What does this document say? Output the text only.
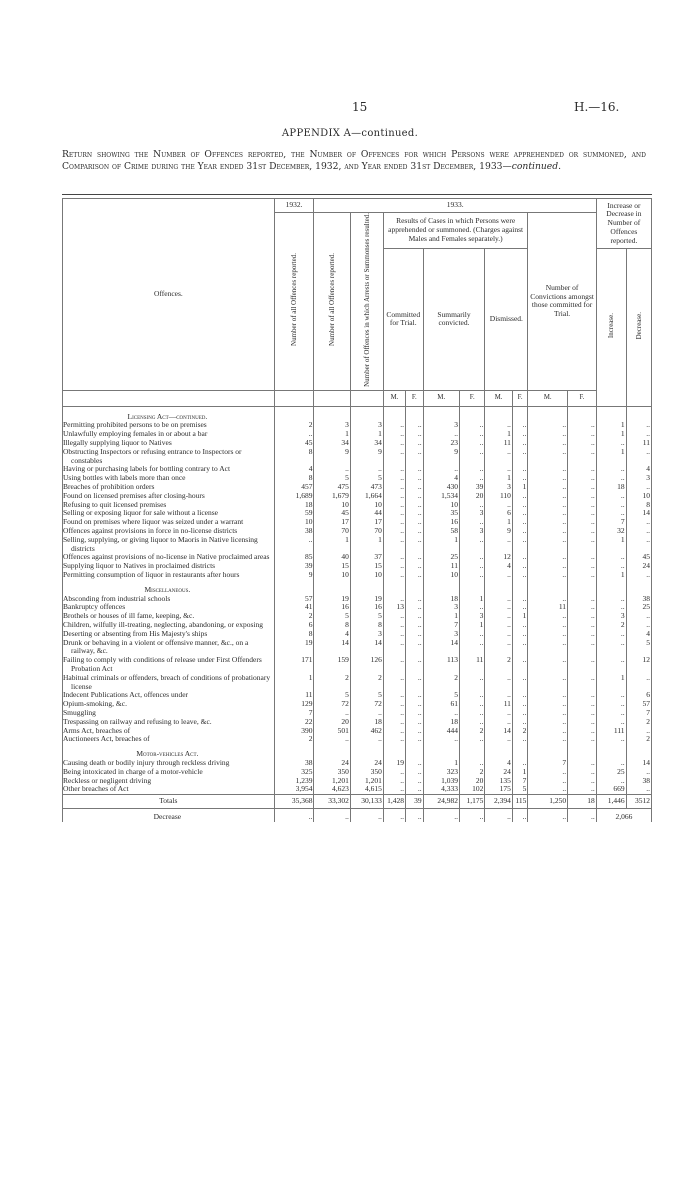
15	H.—16.
APPENDIX A—continued.
Return showing the Number of Offences reported, the Number of Offences for which Persons were apprehended or summoned, and Comparison of Crime during the Year ended 31st December, 1932, and Year ended 31st December, 1933—continued.
Offences.	1932.	1933.										Increase or Decrease in Number of Offences reported.	
	Number of all Offences reported.	Number of all Offences reported.	Number of Offences in which Arrests or Summonses resulted.	Results of Cases in which Persons were apprehended or summoned. (Charges against Males and Females separately.)						Number of Convictions amongst those committed for Trial.			
				Committed for Trial.		Summarily convicted.		Dismissed.				Increase.	Decrease.
				M.	F.	M.	F.	M.	F.	M.	F.		

Licensing Act—continued.													

Permitting prohibited persons to be on premises	2	3	3	..	..	3	..	..	..	..	..	1	..
Unlawfully employing females in or about a bar	..	1	1	..	..	..	..	1	..	..	..	1	..
Illegally supplying liquor to Natives	45	34	34	..	..	23	..	11	..	..	..	..	11
Obstructing Inspectors or refusing entrance to Inspectors or constables	8	9	9	..	..	9	..	..	..	..	..	1	..
Having or purchasing labels for bottling contrary to Act	4	..	..	..	..	..	..	..	..	..	..	..	4
Using bottles with labels more than once	8	5	5	..	..	4	..	1	..	..	..	..	3
Breaches of prohibition orders	457	475	473	..	..	430	39	3	1	..	..	18	..
Found on licensed premises after closing-hours	1,689	1,679	1,664	..	..	1,534	20	110	..	..	..	..	10
Refusing to quit licensed premises	18	10	10	..	..	10	..	..	..	..	..	..	8
Selling or exposing liquor for sale without a license	59	45	44	..	..	35	3	6	..	..	..	..	14
Found on premises where liquor was seized under a warrant	10	17	17	..	..	16	..	1	..	..	..	7	..
Offences against provisions in force in no-license districts	38	70	70	..	..	58	3	9	..	..	..	32	..
Selling, supplying, or giving liquor to Maoris in Native licensing districts	..	1	1	..	..	1	..	..	..	..	..	1	..
Offences against provisions of no-license in Native proclaimed areas	85	40	37	..	..	25	..	12	..	..	..	..	45
Supplying liquor to Natives in proclaimed districts	39	15	15	..	..	11	..	4	..	..	..	..	24
Permitting consumption of liquor in restaurants after hours	9	10	10	..	..	10	..	..	..	..	..	1	..

Miscellaneous.													

Absconding from industrial schools	57	19	19	..	..	18	1	..	..	..	..	..	38
Bankruptcy offences	41	16	16	13	..	3	..	..	..	11	..	..	25
Brothels or houses of ill fame, keeping, &c.	2	5	5	..	..	1	3	..	1	..	..	3	..
Children, wilfully ill-treating, neglecting, abandoning, or exposing	6	8	8	..	..	7	1	..	..	..	..	2	..
Deserting or absenting from His Majesty's ships	8	4	3	..	..	3	..	..	..	..	..	..	4
Drunk or behaving in a violent or offensive manner, &c., on a railway, &c.	19	14	14	..	..	14	..	..	..	..	..	..	5
Failing to comply with conditions of release under First Offenders Probation Act	171	159	126	..	..	113	11	2	..	..	..	..	12
Habitual criminals or offenders, breach of conditions of probationary license	1	2	2	..	..	2	..	..	..	..	..	1	..
Indecent Publications Act, offences under	11	5	5	..	..	5	..	..	..	..	..	..	6
Opium-smoking, &c.	129	72	72	..	..	61	..	11	..	..	..	..	57
Smuggling	7	..	..	..	..	..	..	..	..	..	..	..	7
Trespassing on railway and refusing to leave, &c.	22	20	18	..	..	18	..	..	..	..	..	..	2
Arms Act, breaches of	390	501	462	..	..	444	2	14	2	..	..	111	..
Auctioneers Act, breaches of	2	..	..	..	..	..	..	..	..	..	..	..	2

Motor-vehicles Act.													

Causing death or bodily injury through reckless driving	38	24	24	19	..	1	..	4	..	7	..	..	14
Being intoxicated in charge of a motor-vehicle	325	350	350	..	..	323	2	24	1	..	..	25	..
Reckless or negligent driving	1,239	1,201	1,201	..	..	1,039	20	135	7	..	..	..	38
Other breaches of Act	3,954	4,623	4,615	..	..	4,333	102	175	5	..	..	669	..
Totals	35,368	33,302	30,133	1,428	39	24,982	1,175	2,394	115	1,250	18	1,446	3512
Decrease	..	..	..	..	..	..	..	..	..	..	..	2,066	
